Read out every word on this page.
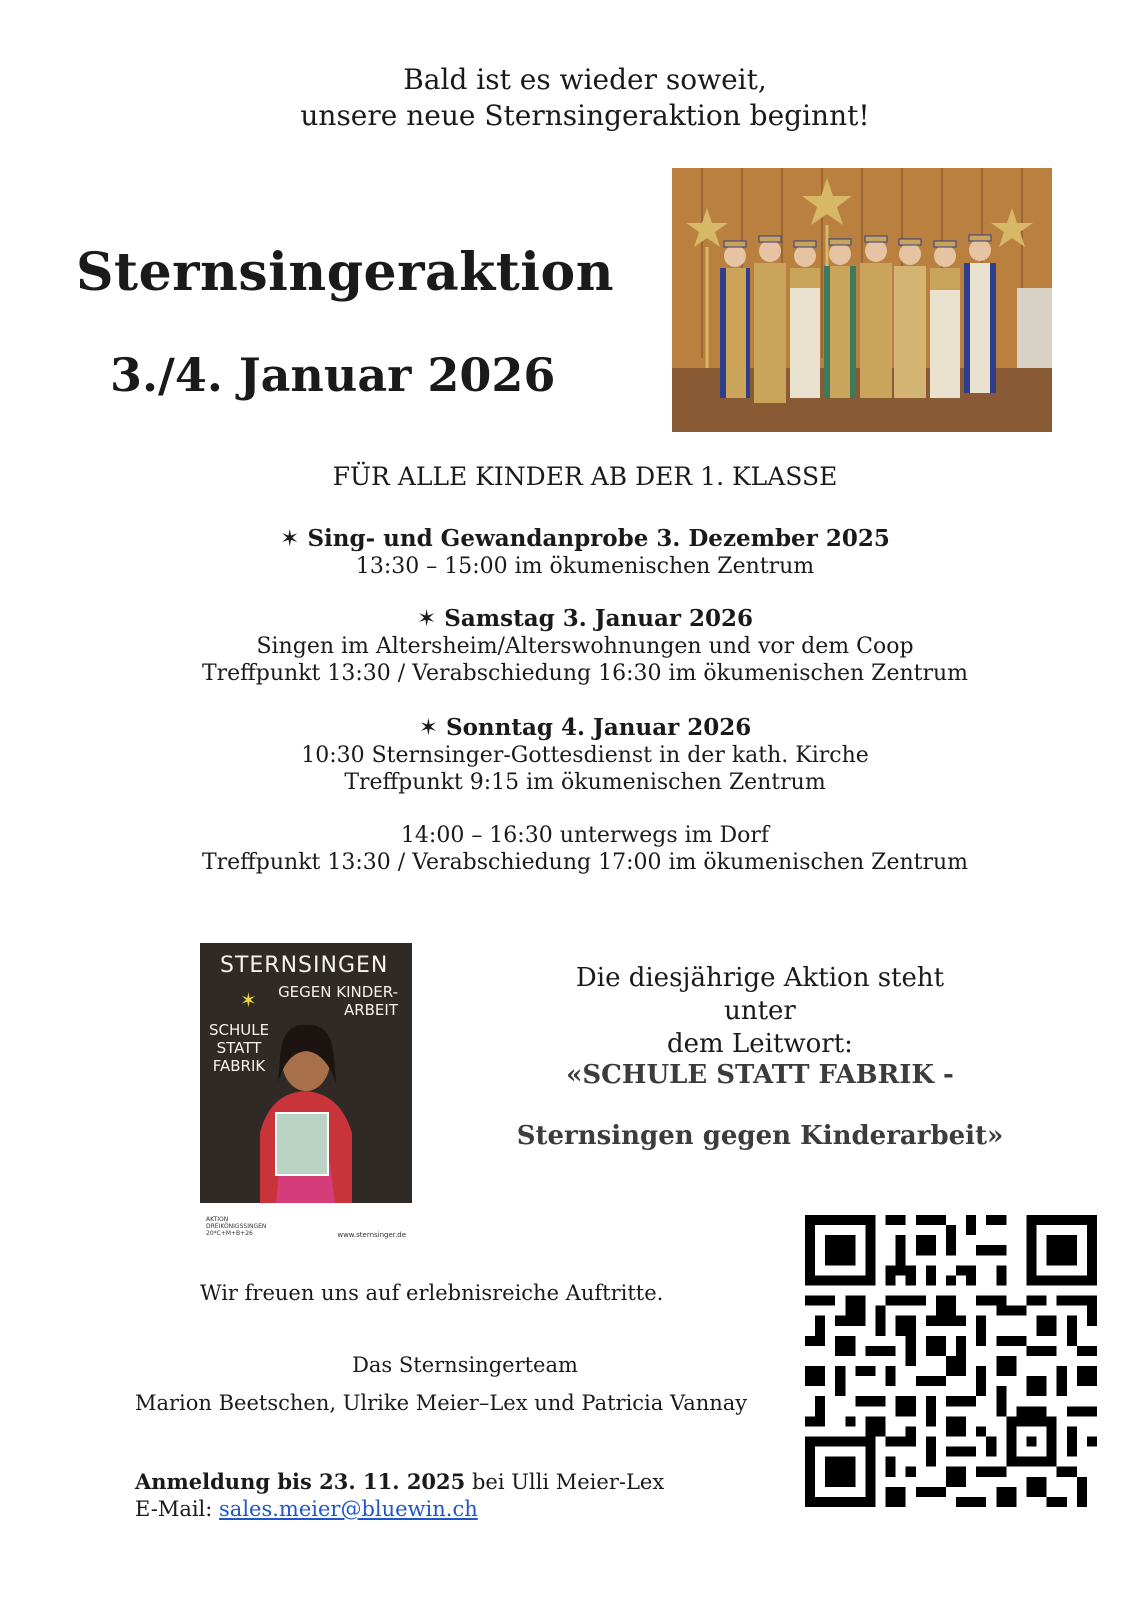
Bald ist es wieder soweit,
unsere neue Sternsingeraktion beginnt!
Sternsingeraktion
3./4. Januar 2026
FÜR ALLE KINDER AB DER 1. KLASSE
✶ Sing- und Gewandanprobe 3. Dezember 2025
13:30 – 15:00 im ökumenischen Zentrum
✶ Samstag 3. Januar 2026
Singen im Altersheim/Alterswohnungen und vor dem Coop
Treffpunkt 13:30 / Verabschiedung 16:30 im ökumenischen Zentrum
✶ Sonntag 4. Januar 2026
10:30 Sternsinger-Gottesdienst in der kath. Kirche
Treffpunkt 9:15 im ökumenischen Zentrum
14:00 – 16:30 unterwegs im Dorf
Treffpunkt 13:30 / Verabschiedung 17:00 im ökumenischen Zentrum
✶
STERNSINGEN
GEGEN KINDER-
ARBEIT
SCHULE
STATT
FABRIK
AKTION
DREIKÖNIGSSINGEN
20*C+M+B+26	www.sternsinger.de
Die diesjährige Aktion steht unter
dem Leitwort:
«SCHULE STATT FABRIK -
Sternsingen gegen Kinderarbeit»
Wir freuen uns auf erlebnisreiche Auftritte.
Das Sternsingerteam
Marion Beetschen, Ulrike Meier–Lex und Patricia Vannay
Anmeldung bis 23. 11. 2025 bei Ulli Meier-Lex
E-Mail: sales.meier@bluewin.ch
